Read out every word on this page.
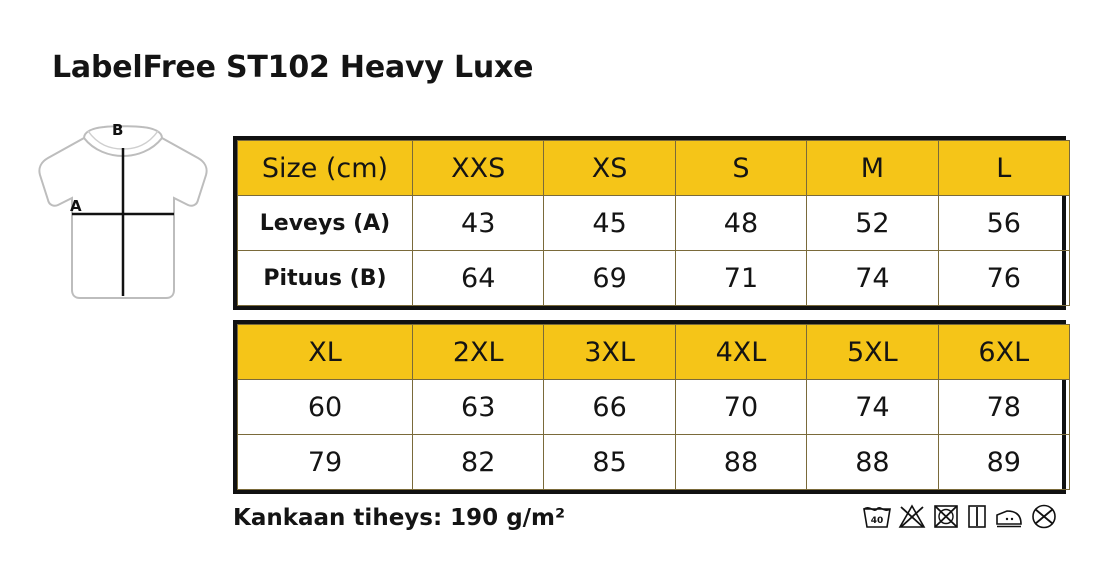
LabelFree ST102 Heavy Luxe
B
A
Size (cm)	XXS	XS	S	M	L
Leveys (A)	43	45	48	52	56
Pituus (B)	64	69	71	74	76
XL	2XL	3XL	4XL	5XL	6XL
60	63	66	70	74	78
79	82	85	88	88	89
Kankaan tiheys: 190 g/m²	40
